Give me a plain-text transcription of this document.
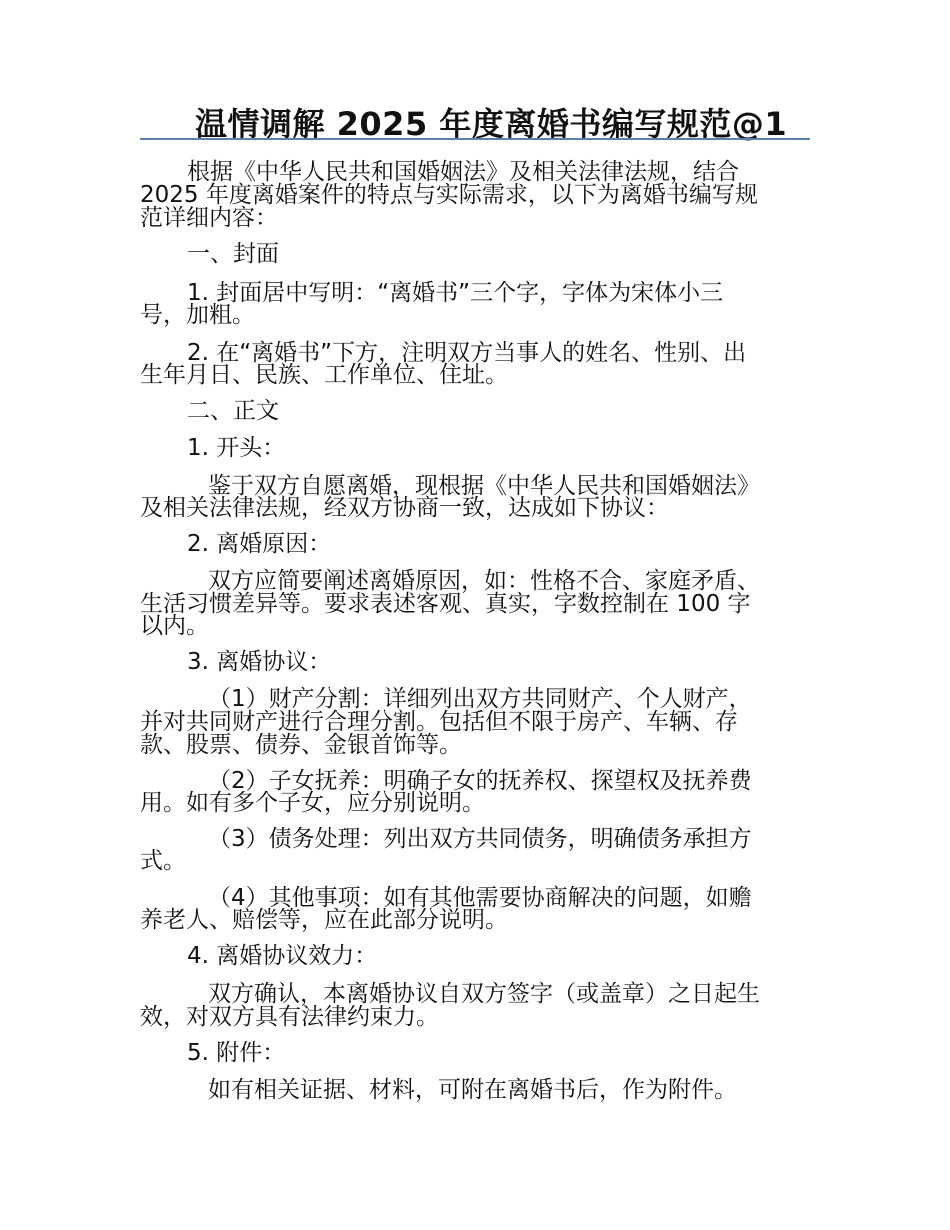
温情调解 2025 年度离婚书编写规范@1
根据《中华人民共和国婚姻法》及相关法律法规，结合
2025 年度离婚案件的特点与实际需求，以下为离婚书编写规
范详细内容：
一、封面
1. 封面居中写明：“离婚书”三个字，字体为宋体小三
号，加粗。
2. 在“离婚书”下方，注明双方当事人的姓名、性别、出
生年月日、民族、工作单位、住址。
二、正文
1. 开头：
鉴于双方自愿离婚，现根据《中华人民共和国婚姻法》
及相关法律法规，经双方协商一致，达成如下协议：
2. 离婚原因：
双方应简要阐述离婚原因，如：性格不合、家庭矛盾、
生活习惯差异等。要求表述客观、真实，字数控制在 100 字
以内。
3. 离婚协议：
（1）财产分割：详细列出双方共同财产、个人财产，
并对共同财产进行合理分割。包括但不限于房产、车辆、存
款、股票、债券、金银首饰等。
（2）子女抚养：明确子女的抚养权、探望权及抚养费
用。如有多个子女，应分别说明。
（3）债务处理：列出双方共同债务，明确债务承担方
式。
（4）其他事项：如有其他需要协商解决的问题，如赡
养老人、赔偿等，应在此部分说明。
4. 离婚协议效力：
双方确认，本离婚协议自双方签字（或盖章）之日起生
效，对双方具有法律约束力。
5. 附件：
如有相关证据、材料，可附在离婚书后，作为附件。
